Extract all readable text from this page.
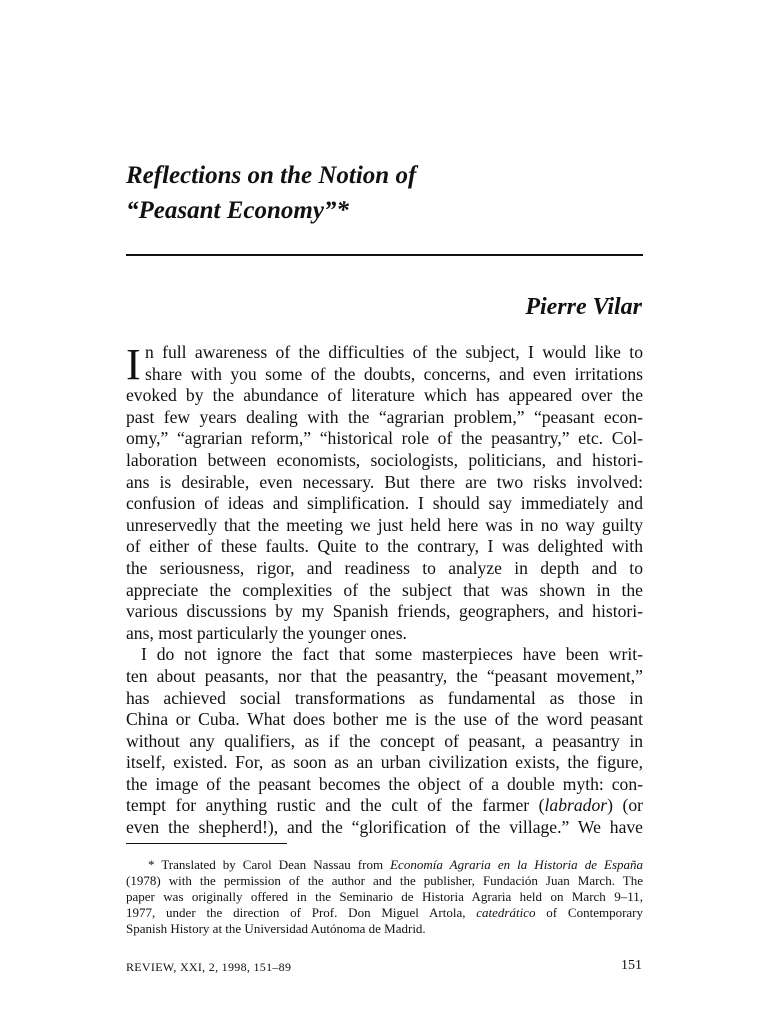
Reflections on the Notion of
“Peasant Economy”*
Pierre Vilar
I n full awareness of the difficulties of the subject, I would like to
share with you some of the doubts, concerns, and even irritations
evoked by the abundance of literature which has appeared over the
past few years dealing with the “agrarian problem,” “peasant econ-
omy,” “agrarian reform,” “historical role of the peasantry,” etc. Col-
laboration between economists, sociologists, politicians, and histori-
ans is desirable, even necessary. But there are two risks involved:
confusion of ideas and simplification. I should say immediately and
unreservedly that the meeting we just held here was in no way guilty
of either of these faults. Quite to the contrary, I was delighted with
the seriousness, rigor, and readiness to analyze in depth and to
appreciate the complexities of the subject that was shown in the
various discussions by my Spanish friends, geographers, and histori-
ans, most particularly the younger ones.
I do not ignore the fact that some masterpieces have been writ-
ten about peasants, nor that the peasantry, the “peasant movement,”
has achieved social transformations as fundamental as those in
China or Cuba. What does bother me is the use of the word peasant
without any qualifiers, as if the concept of peasant, a peasantry in
itself, existed. For, as soon as an urban civilization exists, the figure,
the image of the peasant becomes the object of a double myth: con-
tempt for anything rustic and the cult of the farmer (labrador) (or
even the shepherd!), and the “glorification of the village.” We have
* Translated by Carol Dean Nassau from Economía Agraria en la Historia de España
(1978) with the permission of the author and the publisher, Fundación Juan March. The
paper was originally offered in the Seminario de Historia Agraria held on March 9–11,
1977, under the direction of Prof. Don Miguel Artola, catedrático of Contemporary
Spanish History at the Universidad Autónoma de Madrid.
REVIEW, XXI, 2, 1998, 151–89	151
